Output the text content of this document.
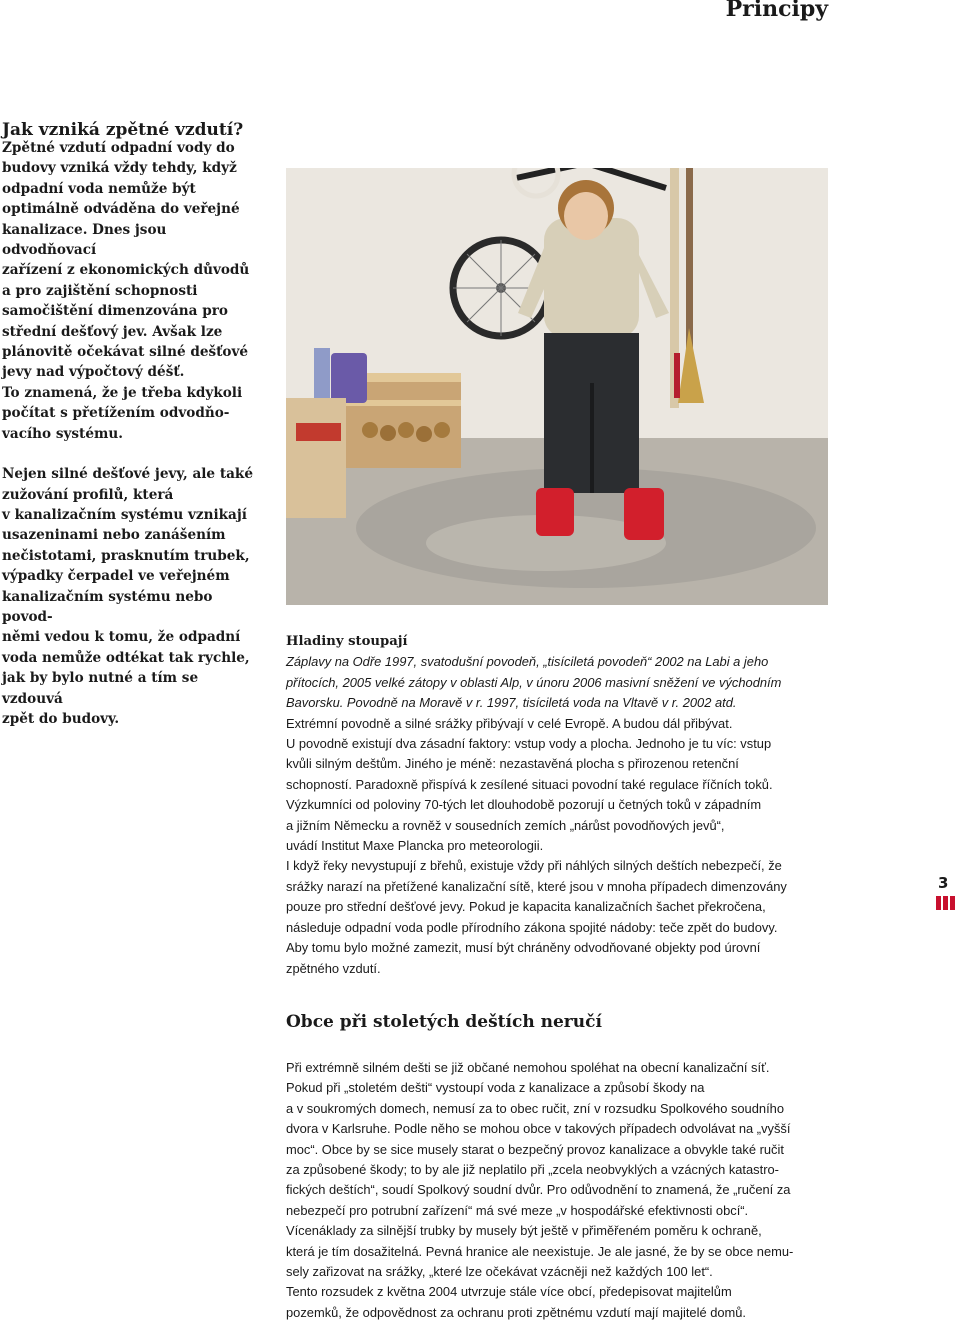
Principy
Jak vzniká zpětné vzdutí?

Zpětné vzdutí odpadní vody do
budovy vzniká vždy tehdy, když
odpadní voda nemůže být
optimálně odváděna do veřejné
kanalizace. Dnes jsou odvodňovací
zařízení z ekonomických důvodů
a pro zajištění schopnosti
samočištění dimenzována pro
střední dešťový jev. Avšak lze
plánovitě očekávat silné dešťové
jevy nad výpočtový déšť.
To znamená, že je třeba kdykoli
počítat s přetížením odvodňo-
vacího systému.

Nejen silné dešťové jevy, ale také
zužování profilů, která
v kanalizačním systému vznikají
usazeninami nebo zanášením
nečistotami, prasknutím trubek,
výpadky čerpadel ve veřejném
kanalizačním systému nebo povod-
němi vedou k tomu, že odpadní
voda nemůže odtékat tak rychle,
jak by bylo nutné a tím se vzdouvá
zpět do budovy.

Hladiny stoupají

Záplavy na Odře 1997, svatodušní povodeň, „tisíciletá povodeň“ 2002 na Labi a jeho
přítocích, 2005 velké zátopy v oblasti Alp, v únoru 2006 masivní sněžení ve východním
Bavorsku. Povodně na Moravě v r. 1997, tisíciletá voda na Vltavě v r. 2002 atd.

Extrémní povodně a silné srážky přibývají v celé Evropě. A budou dál přibývat.
U povodně existují dva zásadní faktory: vstup vody a plocha. Jednoho je tu víc: vstup
kvůli silným deštům. Jiného je méně: nezastavěná plocha s přirozenou retenční
schopností. Paradoxně přispívá k zesílené situaci povodní také regulace říčních toků.
Výzkumníci od poloviny 70-tých let dlouhodobě pozorují u četných toků v západním
a jižním Německu a rovněž v sousedních zemích „nárůst povodňových jevů“,
uvádí Institut Maxe Plancka pro meteorologii.
I když řeky nevystupují z břehů, existuje vždy při náhlých silných deštích nebezpečí, že
srážky narazí na přetížené kanalizační sítě, které jsou v mnoha případech dimenzovány
pouze pro střední dešťové jevy. Pokud je kapacita kanalizačních šachet překročena,
následuje odpadní voda podle přírodního zákona spojité nádoby: teče zpět do budovy.
Aby tomu bylo možné zamezit, musí být chráněny odvodňované objekty pod úrovní
zpětného vzdutí.

Obce při stoletých deštích neručí

Při extrémně silném dešti se již občané nemohou spoléhat na obecní kanalizační síť.
Pokud při „stoletém dešti“ vystoupí voda z kanalizace a způsobí škody na
a v soukromých domech, nemusí za to obec ručit, zní v rozsudku Spolkového soudního
dvora v Karlsruhe. Podle něho se mohou obce v takových případech odvolávat na „vyšší
moc“. Obce by se sice musely starat o bezpečný provoz kanalizace a obvykle také ručit
za způsobené škody; to by ale již neplatilo při „zcela neobvyklých a vzácných katastro-
fických deštích“, soudí Spolkový soudní dvůr. Pro odůvodnění to znamená, že „ručení za
nebezpečí pro potrubní zařízení“ má své meze „v hospodářské efektivnosti obcí“.
Vícenáklady za silnější trubky by musely být ještě v přiměřeném poměru k ochraně,
která je tím dosažitelná. Pevná hranice ale neexistuje. Je ale jasné, že by se obce nemu-
sely zařizovat na srážky, „které lze očekávat vzácněji než každých 100 let“.
Tento rozsudek z května 2004 utvrzuje stále více obcí, předepisovat majitelům
pozemků, že odpovědnost za ochranu proti zpětnému vzdutí mají majitelé domů.

3
